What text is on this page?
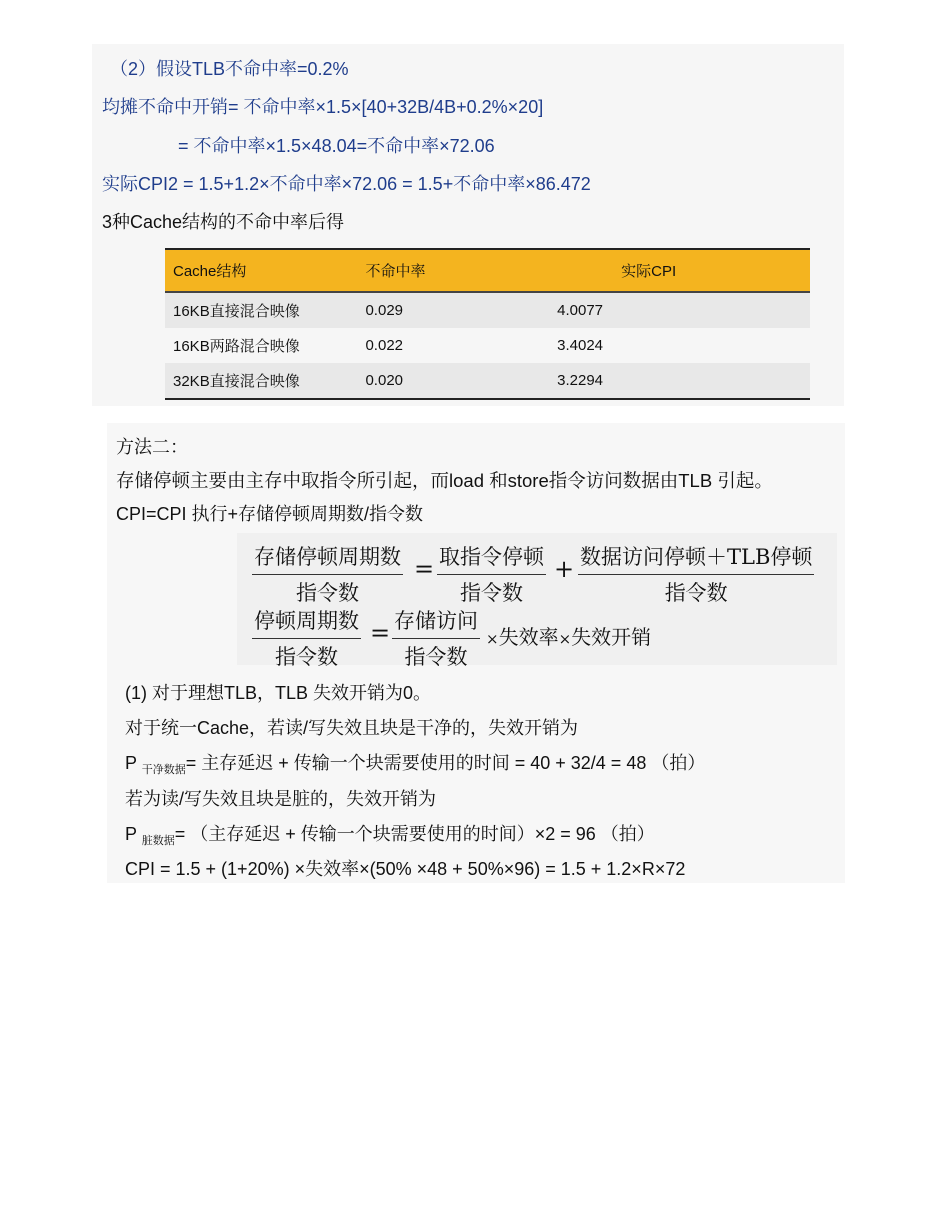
（2）假设TLB不命中率=0.2%
均摊不命中开销= 不命中率×1.5×[40+32B/4B+0.2%×20]
= 不命中率×1.5×48.04=不命中率×72.06
实际CPI2 = 1.5+1.2×不命中率×72.06 = 1.5+不命中率×86.472
3种Cache结构的不命中率后得
Cache结构	不命中率	实际CPI
16KB直接混合映像	0.029	4.0077
16KB两路混合映像	0.022	3.4024
32KB直接混合映像	0.020	3.2294
方法二：
存储停顿主要由主存中取指令所引起，而load 和store指令访问数据由TLB 引起。
CPI=CPI 执行+存储停顿周期数/指令数
存储停顿周期数
指令数
= 取指令停顿
指令数
+ 数据访问停顿＋TLB停顿
指令数
停顿周期数
指令数
= 存储访问
指令数
×失效率×失效开销
(1) 对于理想TLB，TLB 失效开销为0。
对于统一Cache，若读/写失效且块是干净的，失效开销为
P $_{干净数据}$= 主存延迟 + 传输一个块需要使用的时间 = 40 + 32/4 = 48 （拍）
若为读/写失效且块是脏的，失效开销为
P $_{脏数据}$= （主存延迟 + 传输一个块需要使用的时间）×2 = 96 （拍）
CPI = 1.5 + (1+20%) ×失效率×(50% ×48 + 50%×96) = 1.5 + 1.2×R×72
